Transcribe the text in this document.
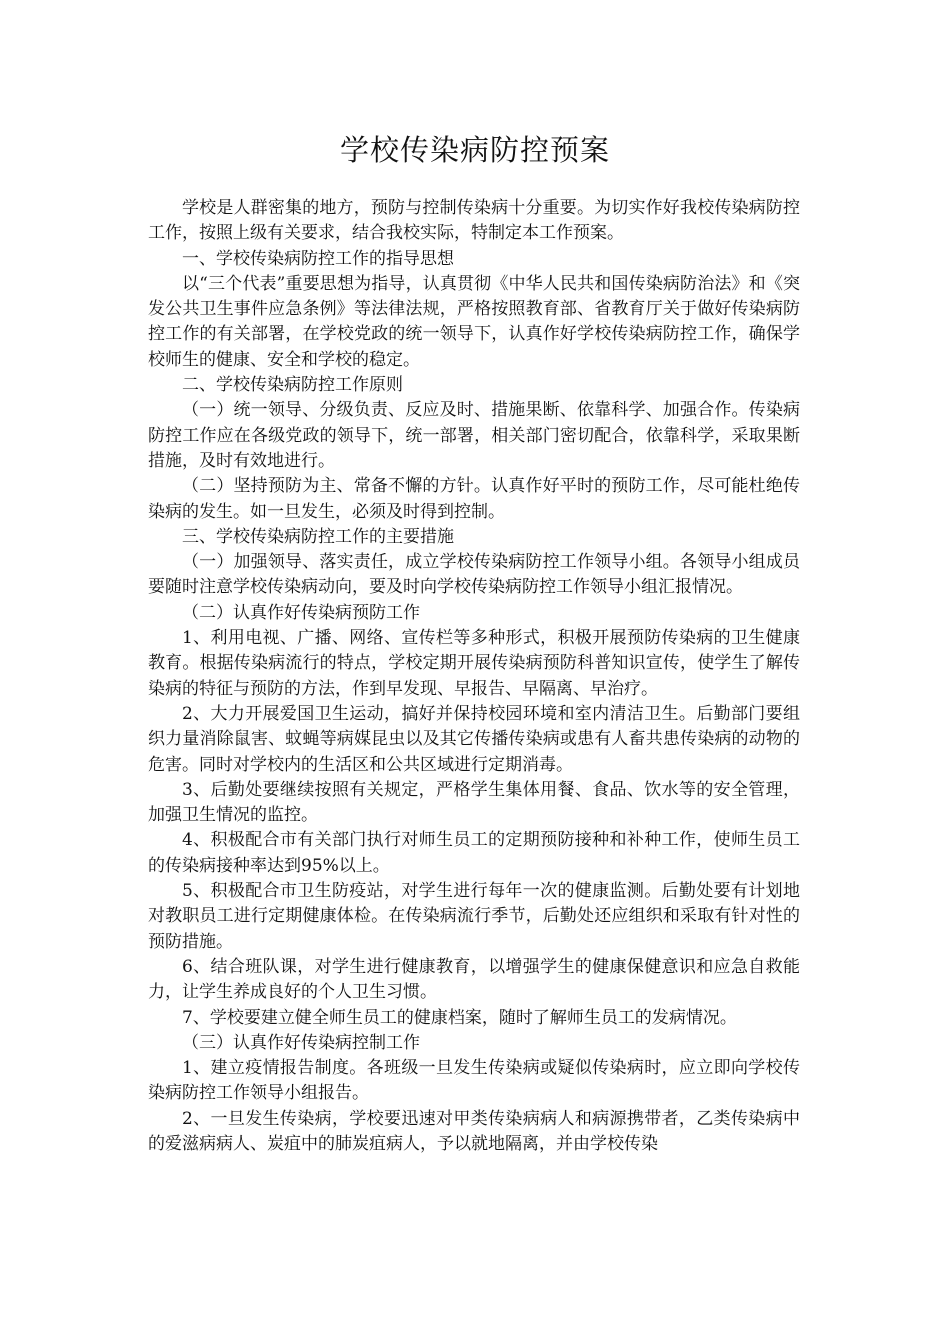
学校传染病防控预案

学校是人群密集的地方，预防与控制传染病十分重要。为切实作好我校传染病防控工作，按照上级有关要求，结合我校实际，特制定本工作预案。

一、学校传染病防控工作的指导思想

以“三个代表”重要思想为指导，认真贯彻《中华人民共和国传染病防治法》和《突发公共卫生事件应急条例》等法律法规，严格按照教育部、省教育厅关于做好传染病防控工作的有关部署，在学校党政的统一领导下，认真作好学校传染病防控工作，确保学校师生的健康、安全和学校的稳定。

二、学校传染病防控工作原则

（一）统一领导、分级负责、反应及时、措施果断、依靠科学、加强合作。传染病防控工作应在各级党政的领导下，统一部署，相关部门密切配合，依靠科学，采取果断措施，及时有效地进行。

（二）坚持预防为主、常备不懈的方针。认真作好平时的预防工作，尽可能杜绝传染病的发生。如一旦发生，必须及时得到控制。

三、学校传染病防控工作的主要措施

（一）加强领导、落实责任，成立学校传染病防控工作领导小组。各领导小组成员要随时注意学校传染病动向，要及时向学校传染病防控工作领导小组汇报情况。

（二）认真作好传染病预防工作

1、利用电视、广播、网络、宣传栏等多种形式，积极开展预防传染病的卫生健康教育。根据传染病流行的特点，学校定期开展传染病预防科普知识宣传，使学生了解传染病的特征与预防的方法，作到早发现、早报告、早隔离、早治疗。

2、大力开展爱国卫生运动，搞好并保持校园环境和室内清洁卫生。后勤部门要组织力量消除鼠害、蚊蝇等病媒昆虫以及其它传播传染病或患有人畜共患传染病的动物的危害。同时对学校内的生活区和公共区域进行定期消毒。

3、后勤处要继续按照有关规定，严格学生集体用餐、食品、饮水等的安全管理，加强卫生情况的监控。

4、积极配合市有关部门执行对师生员工的定期预防接种和补种工作，使师生员工的传染病接种率达到95%以上。

5、积极配合市卫生防疫站，对学生进行每年一次的健康监测。后勤处要有计划地对教职员工进行定期健康体检。在传染病流行季节，后勤处还应组织和采取有针对性的预防措施。

6、结合班队课，对学生进行健康教育，以增强学生的健康保健意识和应急自救能力，让学生养成良好的个人卫生习惯。

7、学校要建立健全师生员工的健康档案，随时了解师生员工的发病情况。

（三）认真作好传染病控制工作

1、建立疫情报告制度。各班级一旦发生传染病或疑似传染病时，应立即向学校传染病防控工作领导小组报告。

2、一旦发生传染病，学校要迅速对甲类传染病病人和病源携带者，乙类传染病中的爱滋病病人、炭疽中的肺炭疽病人，予以就地隔离，并由学校传染
